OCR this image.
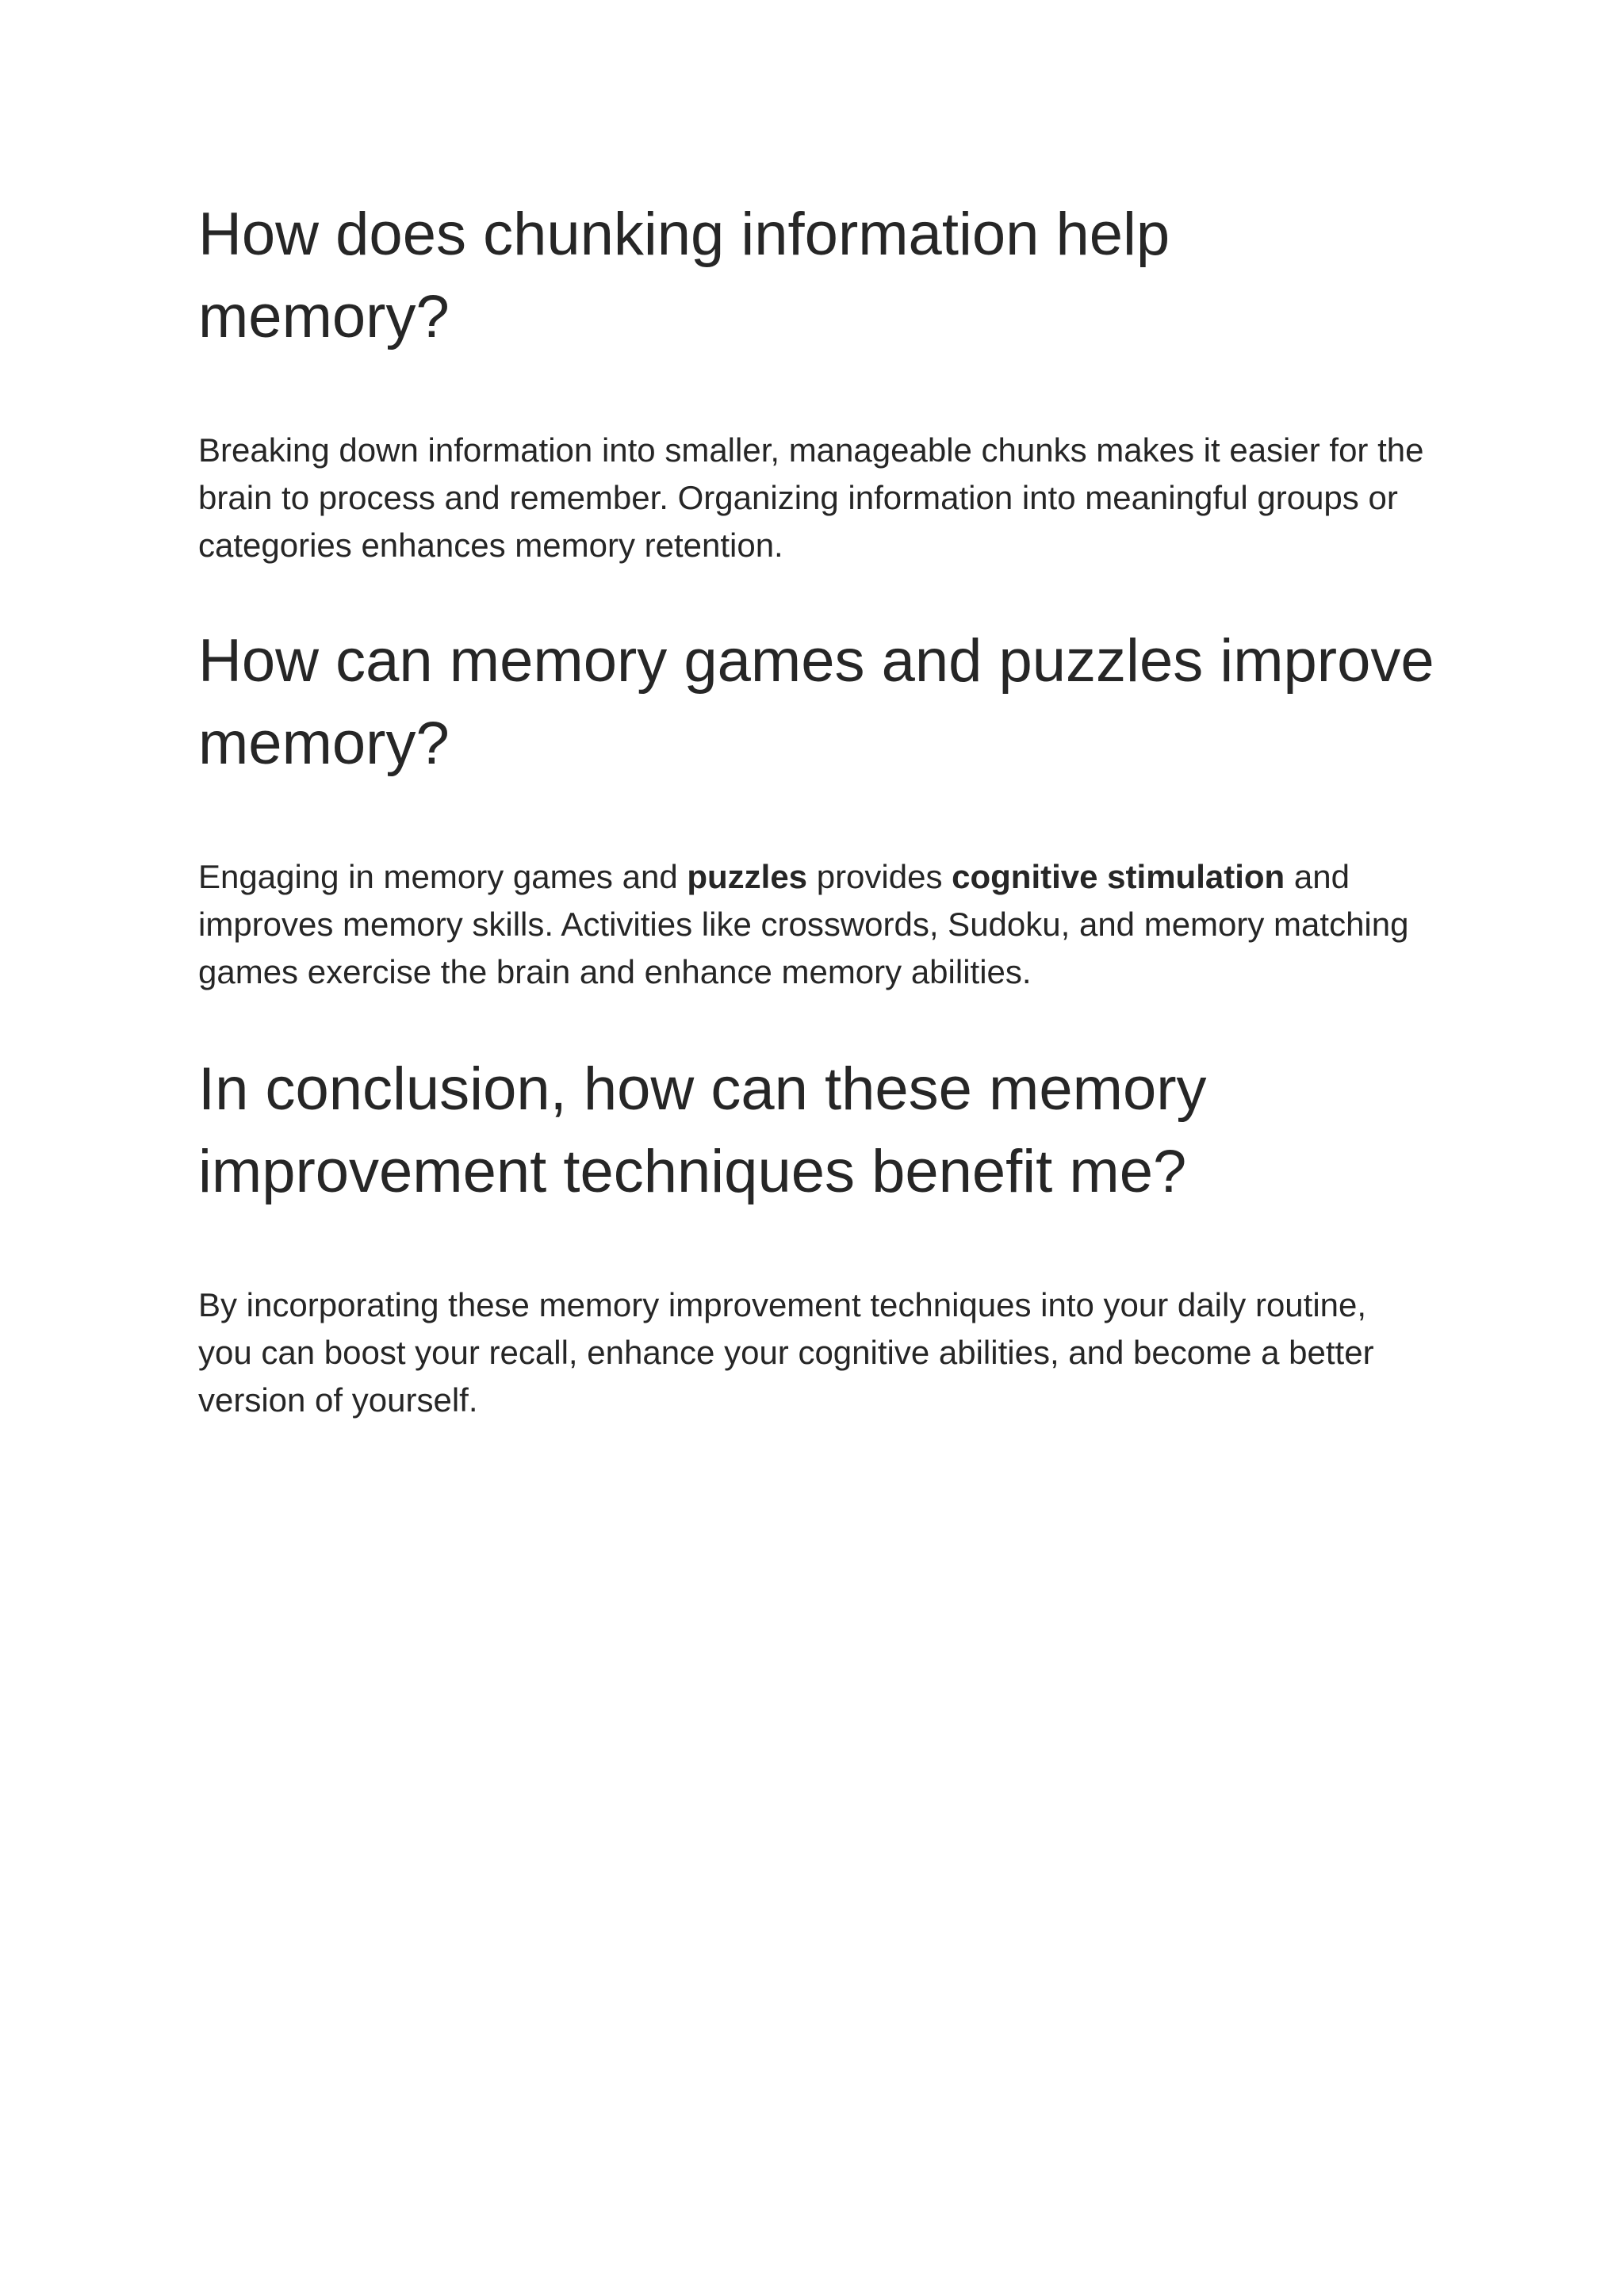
How does chunking information help memory?

Breaking down information into smaller, manageable chunks makes it easier for the brain to process and remember. Organizing information into meaningful groups or categories enhances memory retention.

How can memory games and puzzles improve memory?

Engaging in memory games and puzzles provides cognitive stimulation and improves memory skills. Activities like crosswords, Sudoku, and memory matching games exercise the brain and enhance memory abilities.

In conclusion, how can these memory improvement techniques benefit me?

By incorporating these memory improvement techniques into your daily routine, you can boost your recall, enhance your cognitive abilities, and become a better version of yourself.
